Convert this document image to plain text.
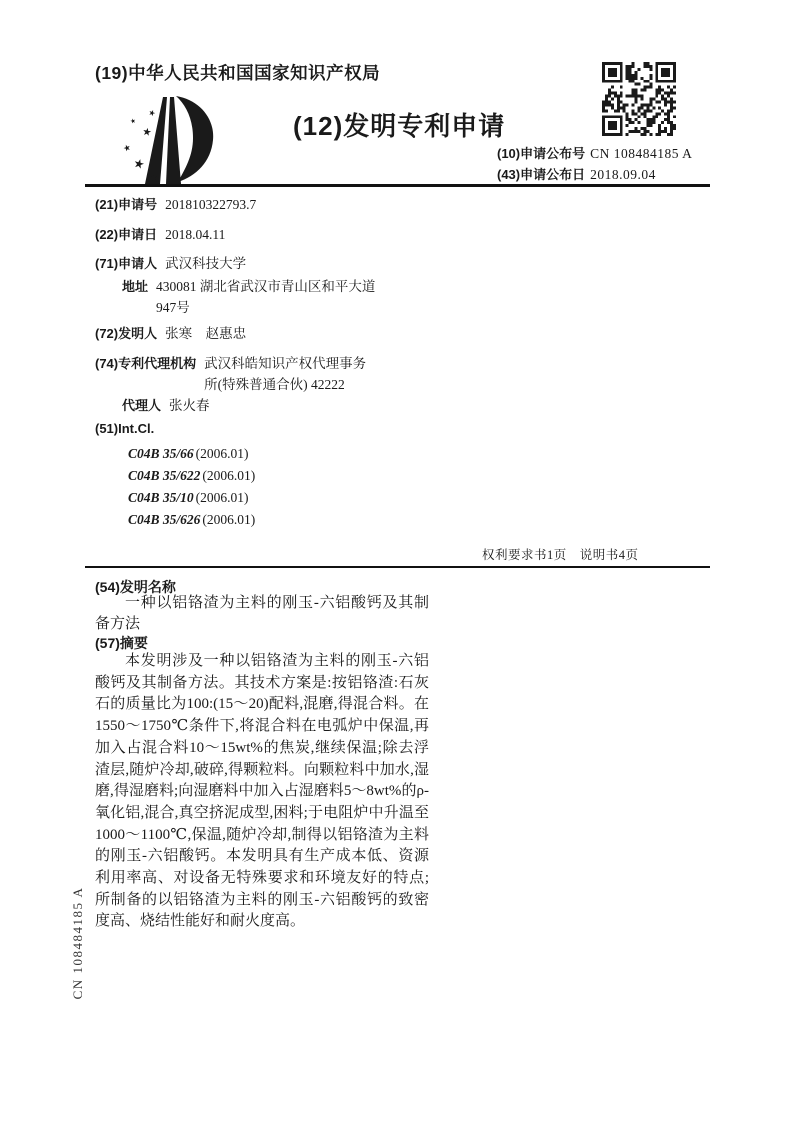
(19)中华人民共和国国家知识产权局
(12)发明专利申请
(10)申请公布号 CN 108484185 A
(43)申请公布日 2018.09.04
(21)申请号 201810322793.7
(22)申请日 2018.04.11
(71)申请人 武汉科技大学
地址 430081 湖北省武汉市青山区和平大道947号
(72)发明人 张寒　赵惠忠
(74)专利代理机构 武汉科皓知识产权代理事务所(特殊普通合伙) 42222
代理人 张火春
(51)Int.Cl.
C04B 35/66 (2006.01)
C04B 35/622 (2006.01)
C04B 35/10 (2006.01)
C04B 35/626 (2006.01)
权利要求书1页　说明书4页
(54)发明名称
一种以铝铬渣为主料的刚玉-六铝酸钙及其制备方法
(57)摘要
本发明涉及一种以铝铬渣为主料的刚玉-六铝酸钙及其制备方法。其技术方案是:按铝铬渣:石灰石的质量比为100:(15～20)配料,混磨,得混合料。在1550～1750℃条件下,将混合料在电弧炉中保温,再加入占混合料10～15wt%的焦炭,继续保温;除去浮渣层,随炉冷却,破碎,得颗粒料。向颗粒料中加水,湿磨,得湿磨料;向湿磨料中加入占湿磨料5～8wt%的ρ-氧化铝,混合,真空挤泥成型,困料;于电阻炉中升温至1000～1100℃,保温,随炉冷却,制得以铝铬渣为主料的刚玉-六铝酸钙。本发明具有生产成本低、资源利用率高、对设备无特殊要求和环境友好的特点;所制备的以铝铬渣为主料的刚玉-六铝酸钙的致密度高、烧结性能好和耐火度高。
CN 108484185 A
